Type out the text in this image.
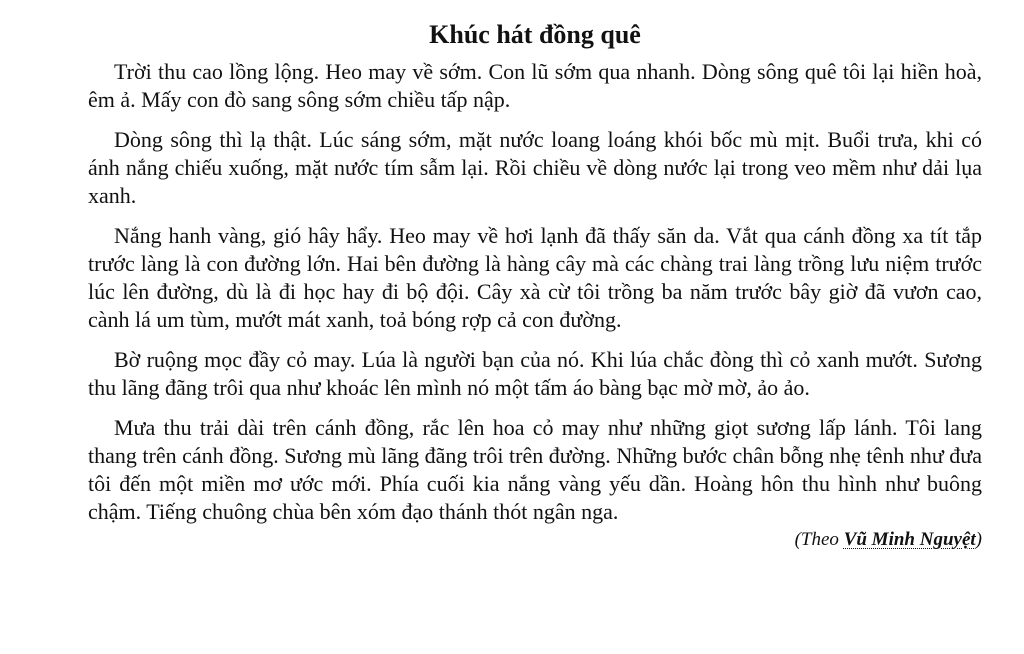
Khúc hát đồng quê

Trời thu cao lồng lộng. Heo may về sớm. Con lũ sớm qua nhanh. Dòng sông quê tôi lại hiền hoà, êm ả. Mấy con đò sang sông sớm chiều tấp nập.

Dòng sông thì lạ thật. Lúc sáng sớm, mặt nước loang loáng khói bốc mù mịt. Buổi trưa, khi có ánh nắng chiếu xuống, mặt nước tím sẫm lại. Rồi chiều về dòng nước lại trong veo mềm như dải lụa xanh.

Nắng hanh vàng, gió hây hẩy. Heo may về hơi lạnh đã thấy săn da. Vắt qua cánh đồng xa tít tắp trước làng là con đường lớn. Hai bên đường là hàng cây mà các chàng trai làng trồng lưu niệm trước lúc lên đường, dù là đi học hay đi bộ đội. Cây xà cừ tôi trồng ba năm trước bây giờ đã vươn cao, cành lá um tùm, mướt mát xanh, toả bóng rợp cả con đường.

Bờ ruộng mọc đầy cỏ may. Lúa là người bạn của nó. Khi lúa chắc đòng thì cỏ xanh mướt. Sương thu lãng đãng trôi qua như khoác lên mình nó một tấm áo bàng bạc mờ mờ, ảo ảo.

Mưa thu trải dài trên cánh đồng, rắc lên hoa cỏ may như những giọt sương lấp lánh. Tôi lang thang trên cánh đồng. Sương mù lãng đãng trôi trên đường. Những bước chân bỗng nhẹ tênh như đưa tôi đến một miền mơ ước mới. Phía cuối kia nắng vàng yếu dần. Hoàng hôn thu hình như buông chậm. Tiếng chuông chùa bên xóm đạo thánh thót ngân nga.

(Theo Vũ Minh Nguyệt)
